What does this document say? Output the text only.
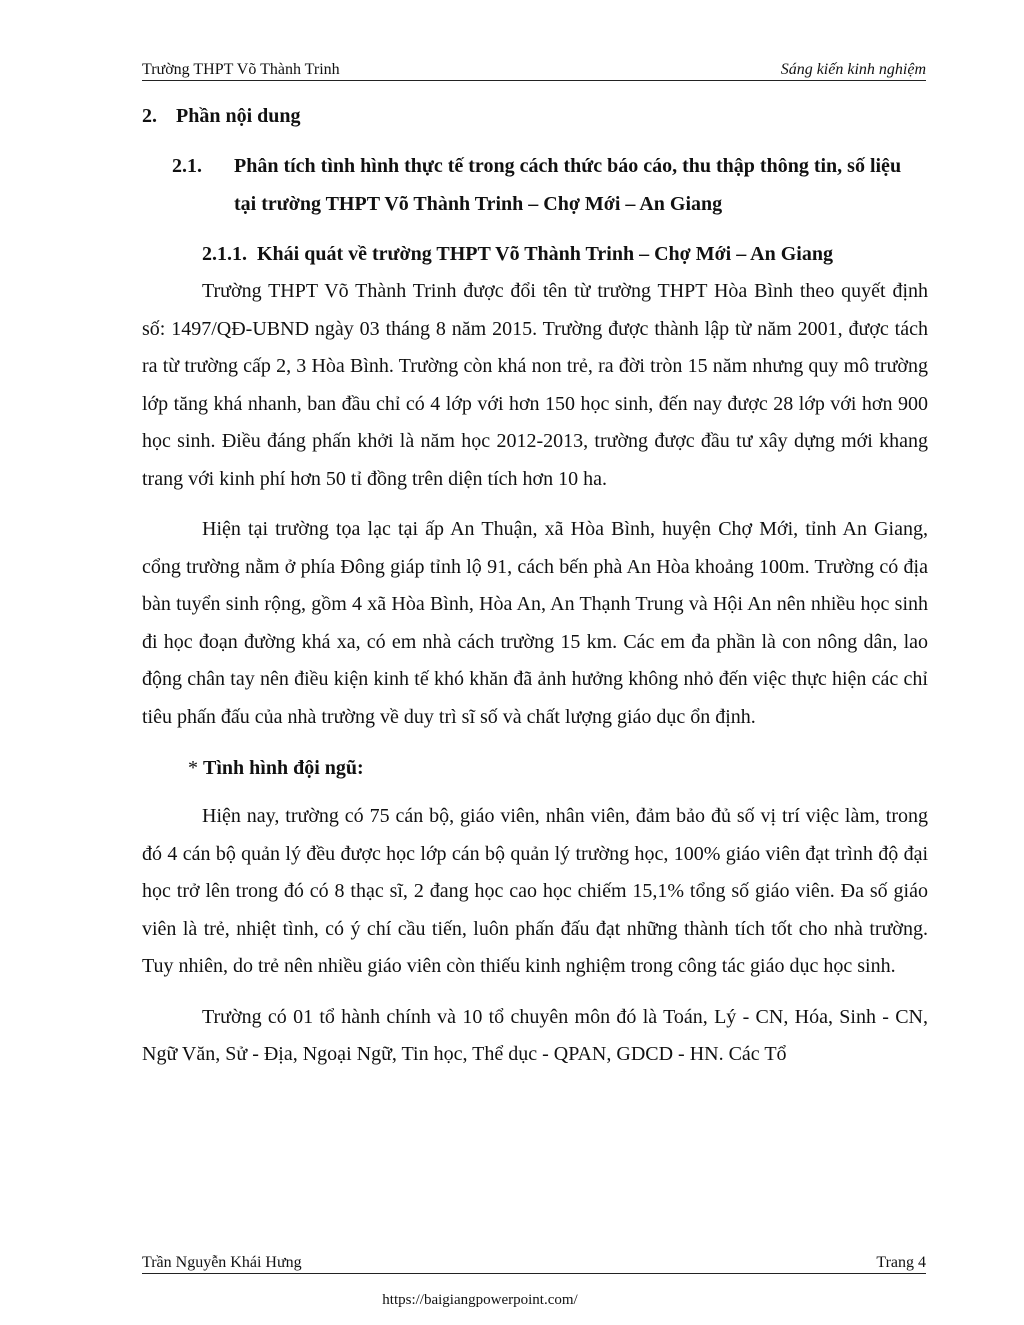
Trường THPT Võ Thành Trinh	Sáng kiến kinh nghiệm
2. Phần nội dung
2.1.	Phân tích tình hình thực tế trong cách thức báo cáo, thu thập thông tin, số liệu tại trường THPT Võ Thành Trinh – Chợ Mới – An Giang
2.1.1. Khái quát về trường THPT Võ Thành Trinh – Chợ Mới – An Giang

Trường THPT Võ Thành Trinh được đổi tên từ trường THPT Hòa Bình theo quyết định số: 1497/QĐ-UBND ngày 03 tháng 8 năm 2015. Trường được thành lập từ năm 2001, được tách ra từ trường cấp 2, 3 Hòa Bình. Trường còn khá non trẻ, ra đời tròn 15 năm nhưng quy mô trường lớp tăng khá nhanh, ban đầu chỉ có 4 lớp với hơn 150 học sinh, đến nay được 28 lớp với hơn 900 học sinh. Điều đáng phấn khởi là năm học 2012-2013, trường được đầu tư xây dựng mới khang trang với kinh phí hơn 50 tỉ đồng trên diện tích hơn 10 ha.

Hiện tại trường tọa lạc tại ấp An Thuận, xã Hòa Bình, huyện Chợ Mới, tỉnh An Giang, cổng trường nằm ở phía Đông giáp tỉnh lộ 91, cách bến phà An Hòa khoảng 100m. Trường có địa bàn tuyển sinh rộng, gồm 4 xã Hòa Bình, Hòa An, An Thạnh Trung và Hội An nên nhiều học sinh đi học đoạn đường khá xa, có em nhà cách trường 15 km. Các em đa phần là con nông dân, lao động chân tay nên điều kiện kinh tế khó khăn đã ảnh hưởng không nhỏ đến việc thực hiện các chỉ tiêu phấn đấu của nhà trường về duy trì sĩ số và chất lượng giáo dục ổn định.

* Tình hình đội ngũ:

Hiện nay, trường có 75 cán bộ, giáo viên, nhân viên, đảm bảo đủ số vị trí việc làm, trong đó 4 cán bộ quản lý đều được học lớp cán bộ quản lý trường học, 100% giáo viên đạt trình độ đại học trở lên trong đó có 8 thạc sĩ, 2 đang học cao học chiếm 15,1% tổng số giáo viên. Đa số giáo viên là trẻ, nhiệt tình, có ý chí cầu tiến, luôn phấn đấu đạt những thành tích tốt cho nhà trường. Tuy nhiên, do trẻ nên nhiều giáo viên còn thiếu kinh nghiệm trong công tác giáo dục học sinh.

Trường có 01 tổ hành chính và 10 tổ chuyên môn đó là Toán, Lý - CN, Hóa, Sinh - CN, Ngữ Văn, Sử - Địa, Ngoại Ngữ, Tin học, Thể dục - QPAN, GDCD - HN. Các Tổ

Trần Nguyễn Khái Hưng	Trang 4
https://baigiangpowerpoint.com/
